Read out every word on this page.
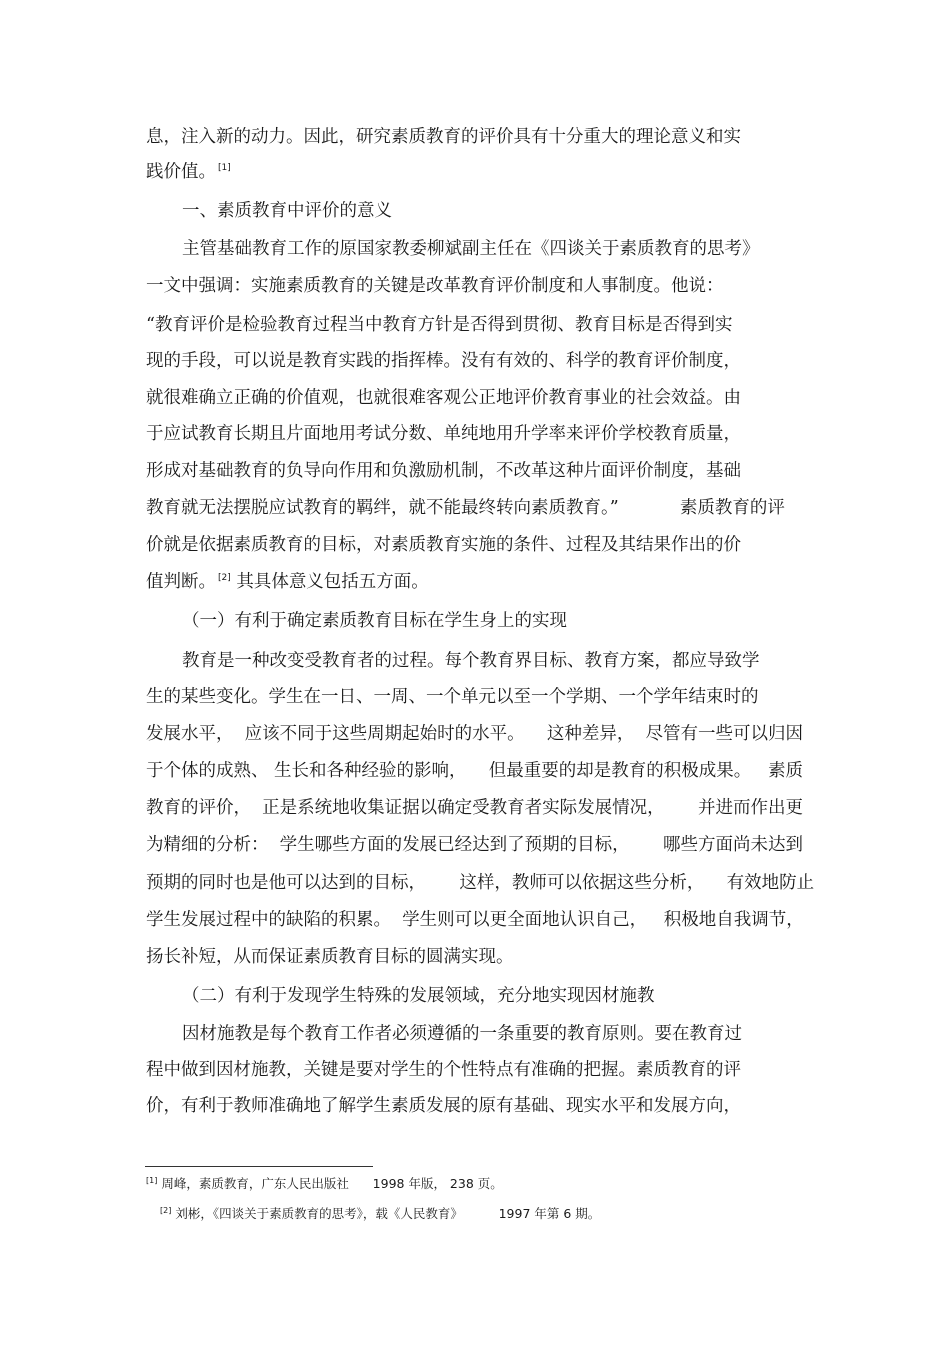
息，注入新的动力。因此，研究素质教育的评价具有十分重大的理论意义和实
践价值。 [1]
一、素质教育中评价的意义
主管基础教育工作的原国家教委柳斌副主任在《四谈关于素质教育的思考》
一文中强调：实施素质教育的关键是改革教育评价制度和人事制度。他说：
“教育评价是检验教育过程当中教育方针是否得到贯彻、教育目标是否得到实
现的手段，可以说是教育实践的指挥棒。没有有效的、科学的教育评价制度，
就很难确立正确的价值观，也就很难客观公正地评价教育事业的社会效益。由
于应试教育长期且片面地用考试分数、单纯地用升学率来评价学校教育质量，
形成对基础教育的负导向作用和负激励机制，不改革这种片面评价制度，基础
教育就无法摆脱应试教育的羁绊，就不能最终转向素质教育。”           素质教育的评
价就是依据素质教育的目标，对素质教育实施的条件、过程及其结果作出的价
值判断。 [2] 其具体意义包括五方面。
（一）有利于确定素质教育目标在学生身上的实现
教育是一种改变受教育者的过程。每个教育界目标、教育方案，都应导致学
生的某些变化。学生在一日、一周、一个单元以至一个学期、一个学年结束时的
发展水平，  应该不同于这些周期起始时的水平。    这种差异，  尽管有一些可以归因
于个体的成熟、 生长和各种经验的影响，    但最重要的却是教育的积极成果。   素质
教育的评价，  正是系统地收集证据以确定受教育者实际发展情况，      并进而作出更
为精细的分析：  学生哪些方面的发展已经达到了预期的目标，      哪些方面尚未达到
预期的同时也是他可以达到的目标，      这样，教师可以依据这些分析，    有效地防止
学生发展过程中的缺陷的积累。  学生则可以更全面地认识自己，   积极地自我调节，
扬长补短，从而保证素质教育目标的圆满实现。
（二）有利于发现学生特殊的发展领域，充分地实现因材施教
因材施教是每个教育工作者必须遵循的一条重要的教育原则。要在教育过
程中做到因材施教，关键是要对学生的个性特点有准确的把握。素质教育的评
价，有利于教师准确地了解学生素质发展的原有基础、现实水平和发展方向，
[1] 周峰，素质教育，广东人民出版社      1998 年版， 238 页。
[2] 刘彬，《四谈关于素质教育的思考》，载《人民教育》         1997 年第 6 期。
